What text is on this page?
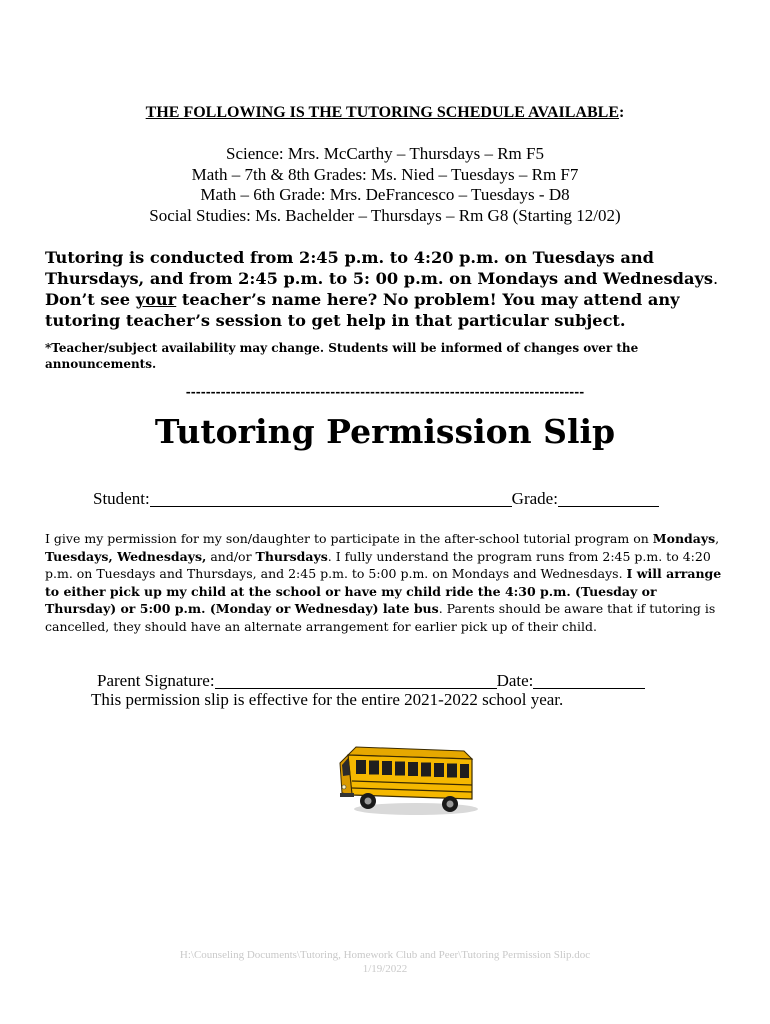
THE FOLLOWING IS THE TUTORING SCHEDULE AVAILABLE:
Science: Mrs. McCarthy – Thursdays – Rm F5
Math – 7th & 8th Grades: Ms. Nied – Tuesdays – Rm F7
Math – 6th Grade: Mrs. DeFrancesco – Tuesdays - D8
Social Studies: Ms. Bachelder – Thursdays – Rm G8 (Starting 12/02)
Tutoring is conducted from 2:45 p.m. to 4:20 p.m. on Tuesdays and Thursdays, and from 2:45 p.m. to 5: 00 p.m. on Mondays and Wednesdays. Don’t see your teacher’s name here? No problem! You may attend any tutoring teacher’s session to get help in that particular subject.
*Teacher/subject availability may change. Students will be informed of changes over the announcements.
--------------------------------------------------------------------------------
Tutoring Permission Slip
Student:	Grade:
I give my permission for my son/daughter to participate in the after-school tutorial program on Mondays, Tuesdays, Wednesdays, and/or Thursdays. I fully understand the program runs from 2:45 p.m. to 4:20 p.m. on Tuesdays and Thursdays, and 2:45 p.m. to 5:00 p.m. on Mondays and Wednesdays. I will arrange to either pick up my child at the school or have my child ride the 4:30 p.m. (Tuesday or Thursday) or 5:00 p.m. (Monday or Wednesday) late bus. Parents should be aware that if tutoring is cancelled, they should have an alternate arrangement for earlier pick up of their child.
Parent Signature:	Date:
This permission slip is effective for the entire 2021-2022 school year.
H:\Counseling Documents\Tutoring, Homework Club and Peer\Tutoring Permission Slip.doc
1/19/2022
